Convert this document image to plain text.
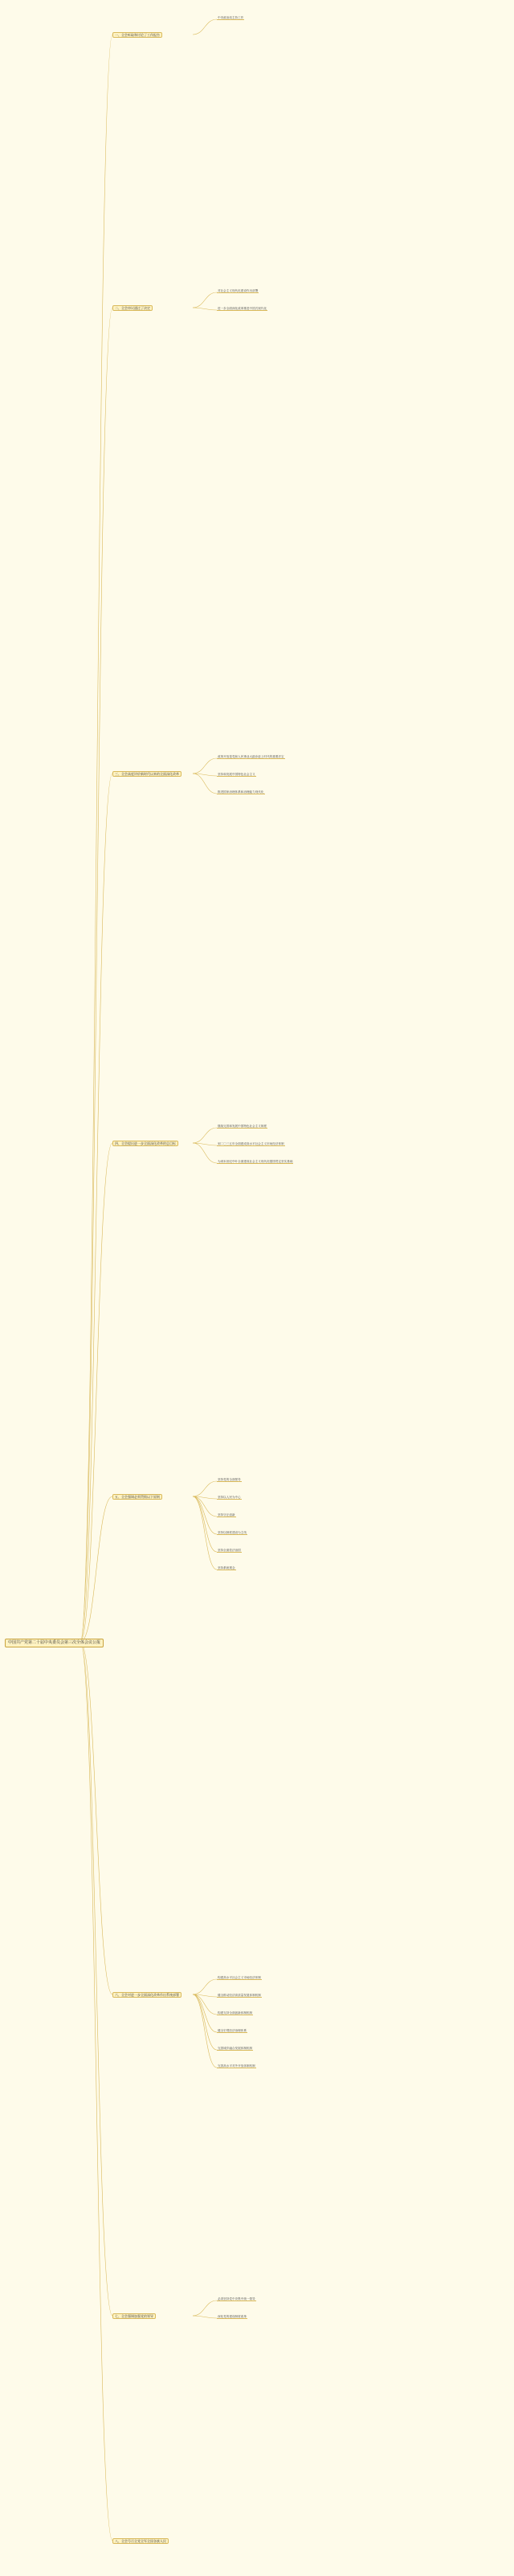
中国共产党第二十届中央委员会第三次全体会议公报
一、全会听取和讨论了工作报告
中央政治局主持工作
二、全会审议通过了决定
对社会主义现代化建设作出部署
进一步全面深化改革推进中国式现代化
三、全会高度评价新时代以来的全面深化改革
改革开放是党和人民事业大踏步赶上时代的重要法宝
坚持和发展中国特色社会主义
推进国家治理体系和治理能力现代化
四、全会提出进一步全面深化改革的总目标
继续完善和发展中国特色社会主义制度
到二〇三五年全面建成高水平社会主义市场经济体制
为到本世纪中叶全面建成社会主义现代化强国奠定坚实基础
五、全会强调必须贯彻以下原则
坚持党的全面领导
坚持以人民为中心
坚持守正创新
坚持以制度建设为主线
坚持全面依法治国
坚持系统观念
六、全会对进一步全面深化改革作出系统部署
构建高水平社会主义市场经济体制
健全推动经济高质量发展体制机制
构建支持全面创新体制机制
健全宏观经济治理体系
完善城乡融合发展体制机制
完善高水平对外开放体制机制
七、全会强调加强党的领导
必须坚持党中央集中统一领导
深化党的建设制度改革
八、全会号召全党全军全国各族人民
